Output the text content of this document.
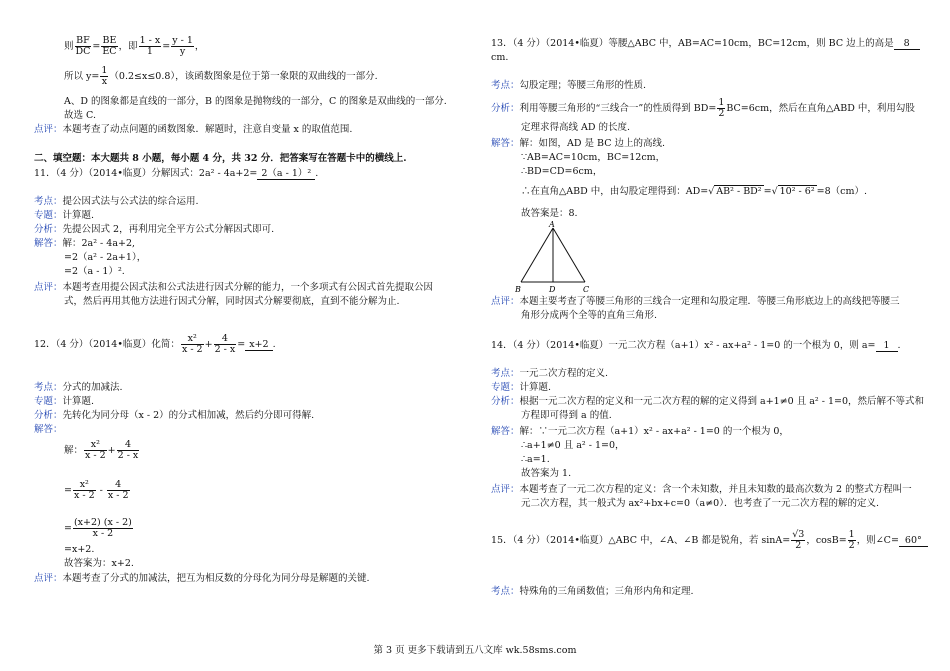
则 $\frac{BF}{DC} = \frac{BE}{EC}$ ，即 $\frac{1 - x}{1} = \frac{y - 1}{y}$ ，
所以 $y= \frac{1}{x} (0.2\le x\le 0.8)$，该函数图象是位于第一象限的双曲线的一部分.
A、D 的图象都是直线的一部分，B 的图象是抛物线的一部分，C 的图象是双曲线的一部分.
故选 C.
点评：本题考查了动点问题的函数图象．解题时，注意自变量 x 的取值范围.
二、填空题：本大题共 8 小题，每小题 4 分，共 32 分．把答案写在答题卡中的横线上.
11．（4 分）（2014•临夏）分解因式：2a² - 4a+2= 2（a - 1）² .
考点：提公因式法与公式法的综合运用.
专题：计算题.
分析：先提公因式 2，再利用完全平方公式分解因式即可.
解答：解：2a² - 4a+2,
=2（a² - 2a+1），
=2（a - 1）².
点评：本题考查用提公因式法和公式法进行因式分解的能力，一个多项式有公因式首先提取公因
式，然后再用其他方法进行因式分解，同时因式分解要彻底，直到不能分解为止.
12．（4 分）（2014•临夏）化简： $\frac{\text{x²}}{x - 2} + \frac{4}{2 - x} = x+2$ .
考点：分式的加减法.
专题：计算题.
分析：先转化为同分母（x - 2）的分式相加减，然后约分即可得解.
解答：
解： $\frac{\text{x²}}{x - 2} + \frac{4}{2 - x}$
= $\frac{\text{x²}}{x - 2} - \frac{4}{x - 2}$
= $\frac{(x+2) (x - 2)}{x - 2}$
=x+2.
故答案为：x+2.
点评：本题考查了分式的加减法，把互为相反数的分母化为同分母是解题的关键.
13．（4 分）（2014•临夏）等腰△ABC 中，AB=AC=10cm，BC=12cm，则 BC 边上的高是 8
cm.
考点：勾股定理；等腰三角形的性质.
分析：利用等腰三角形的“三线合一”的性质得到 $BD= \frac{1}{2} BC=6cm$，然后在直角△ABD 中，利用勾股
定理求得高线 AD 的长度.
解答：解：如图，AD 是 BC 边上的高线.
∵AB=AC=10cm，BC=12cm，
∴BD=CD=6cm，
∴在直角△ABD 中，由勾股定理得到：AD=√ AB² - BD² =√ 10² - 6² =8（cm）.
故答案是：8.
A
B	D	C
点评：本题主要考查了等腰三角形的三线合一定理和勾股定理．等腰三角形底边上的高线把等腰三
角形分成两个全等的直角三角形.
14．（4 分）（2014•临夏）一元二次方程（a+1）x² - ax+a² - 1=0 的一个根为 0，则 a= 1 .
考点：一元二次方程的定义.
专题：计算题.
分析：根据一元二次方程的定义和一元二次方程的解的定义得到 a+1≠0 且 a² - 1=0，然后解不等式和
方程即可得到 a 的值.
解答：解：∵一元二次方程（a+1）x² - ax+a² - 1=0 的一个根为 0，
∴a+1≠0 且 a² - 1=0，
∴a=1.
故答案为 1.
点评：本题考查了一元二次方程的定义：含一个未知数，并且未知数的最高次数为 2 的整式方程叫一
元二次方程，其一般式为 ax²+bx+c=0（a≠0）．也考查了一元二次方程的解的定义.
15．（4 分）（2014•临夏）△ABC 中，∠A、∠B 都是锐角，若 $\sin A= \frac{√3}{2}$ ，$\cos B= \frac{1}{2}$ ，则∠C= 60°
考点：特殊角的三角函数值；三角形内角和定理.
第 3 页 更多下载请到五八文库 wk.58sms.com
